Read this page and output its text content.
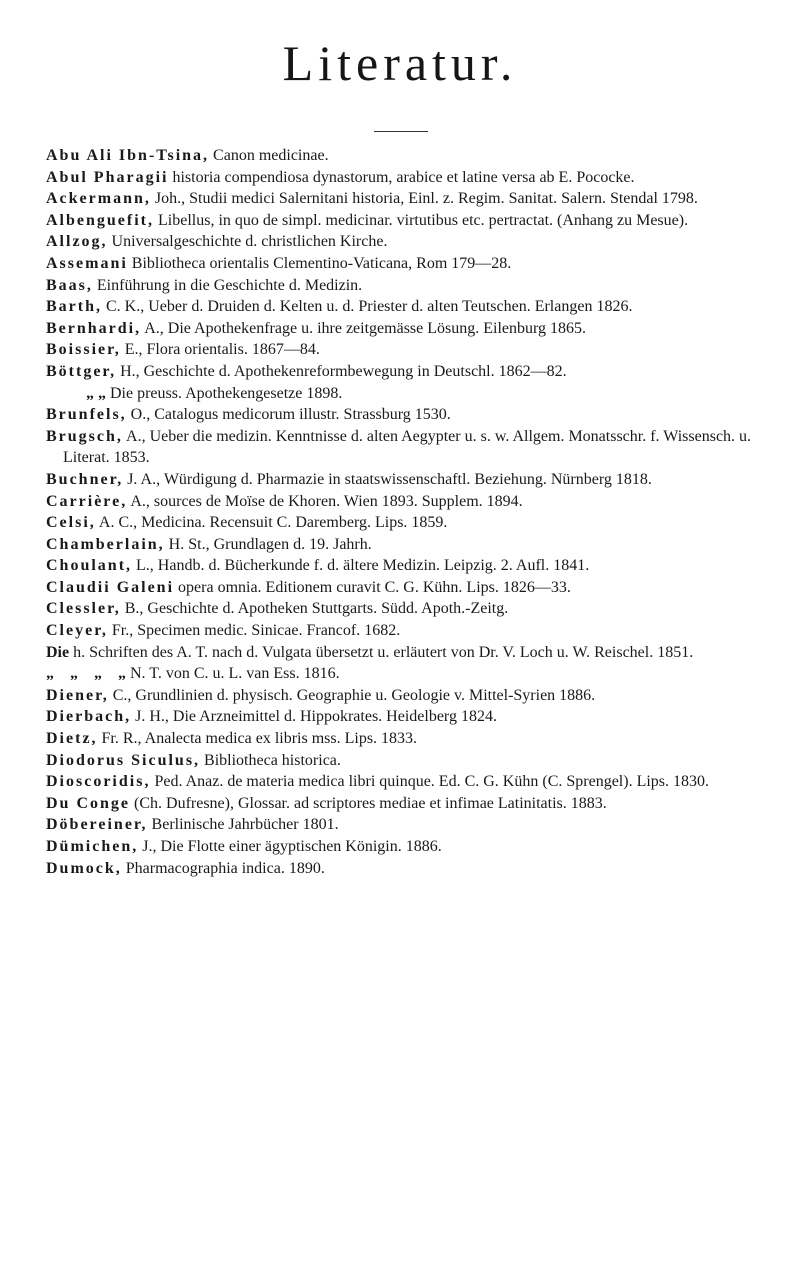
Literatur.

Abu Ali Ibn-Tsina, Canon medicinae.

Abul Pharagii historia compendiosa dynastorum, arabice et latine versa ab E. Pococke.

Ackermann, Joh., Studii medici Salernitani historia, Einl. z. Regim. Sanitat. Salern. Stendal 1798.

Albenguefit, Libellus, in quo de simpl. medicinar. virtutibus etc. pertractat. (Anhang zu Mesue).

Allzog, Universalgeschichte d. christlichen Kirche.

Assemani Bibliotheca orientalis Clementino-Vaticana, Rom 179—28.

Baas, Einführung in die Geschichte d. Medizin.

Barth, C. K., Ueber d. Druiden d. Kelten u. d. Priester d. alten Teutschen. Erlangen 1826.

Bernhardi, A., Die Apothekenfrage u. ihre zeitgemässe Lösung. Eilenburg 1865.

Boissier, E., Flora orientalis. 1867—84.

Böttger, H., Geschichte d. Apothekenreformbewegung in Deutschl. 1862—82.

„ „ Die preuss. Apothekengesetze 1898.

Brunfels, O., Catalogus medicorum illustr. Strassburg 1530.

Brugsch, A., Ueber die medizin. Kenntnisse d. alten Aegypter u. s. w. Allgem. Monatsschr. f. Wissensch. u. Literat. 1853.

Buchner, J. A., Würdigung d. Pharmazie in staatswissenschaftl. Beziehung. Nürnberg 1818.

Carrière, A., sources de Moïse de Khoren. Wien 1893. Supplem. 1894.

Celsi, A. C., Medicina. Recensuit C. Daremberg. Lips. 1859.

Chamberlain, H. St., Grundlagen d. 19. Jahrh.

Choulant, L., Handb. d. Bücherkunde f. d. ältere Medizin. Leipzig. 2. Aufl. 1841.

Claudii Galeni opera omnia. Editionem curavit C. G. Kühn. Lips. 1826—33.

Clessler, B., Geschichte d. Apotheken Stuttgarts. Südd. Apoth.-Zeitg.

Cleyer, Fr., Specimen medic. Sinicae. Francof. 1682.

Die h. Schriften des A. T. nach d. Vulgata übersetzt u. erläutert von Dr. V. Loch u. W. Reischel. 1851.

„ „ „ „ N. T. von C. u. L. van Ess. 1816.

Diener, C., Grundlinien d. physisch. Geographie u. Geologie v. Mittel-Syrien 1886.

Dierbach, J. H., Die Arzneimittel d. Hippokrates. Heidelberg 1824.

Dietz, Fr. R., Analecta medica ex libris mss. Lips. 1833.

Diodorus Siculus, Bibliotheca historica.

Dioscoridis, Ped. Anaz. de materia medica libri quinque. Ed. C. G. Kühn (C. Sprengel). Lips. 1830.

Du Conge (Ch. Dufresne), Glossar. ad scriptores mediae et infimae Latinitatis. 1883.

Döbereiner, Berlinische Jahrbücher 1801.

Dümichen, J., Die Flotte einer ägyptischen Königin. 1886.

Dumock, Pharmacographia indica. 1890.
